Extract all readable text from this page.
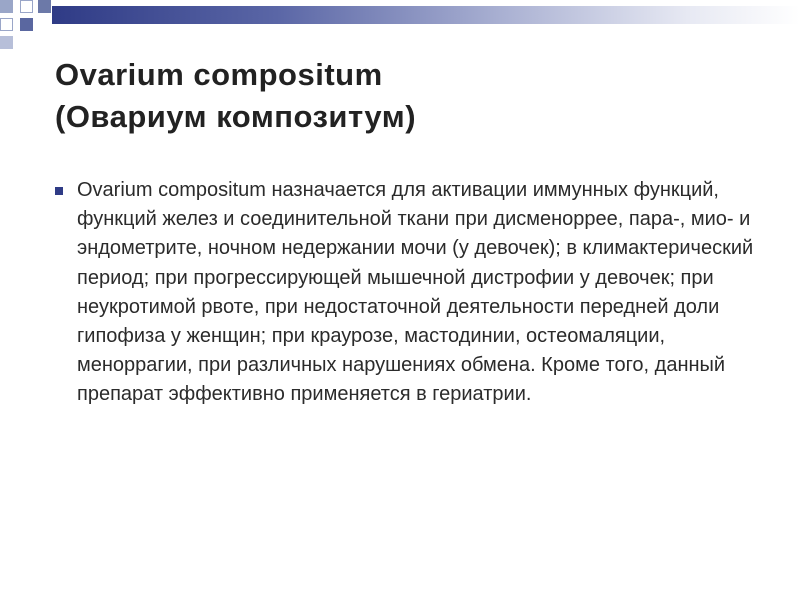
Ovarium compositum
(Овариум композитум)
Ovarium compositum назначается для активации иммунных функций, функций желез и соединительной ткани при дисменоррее, пара-, мио- и эндометрите, ночном недержании мочи (у девочек); в климактерический период; при прогрессирующей мышечной дистрофии у девочек; при неукротимой рвоте, при недостаточной деятельности передней доли гипофиза у женщин; при краурозе, мастодинии, остеомаляции, меноррагии, при различных нарушениях обмена. Кроме того, данный препарат эффективно применяется в гериатрии.
